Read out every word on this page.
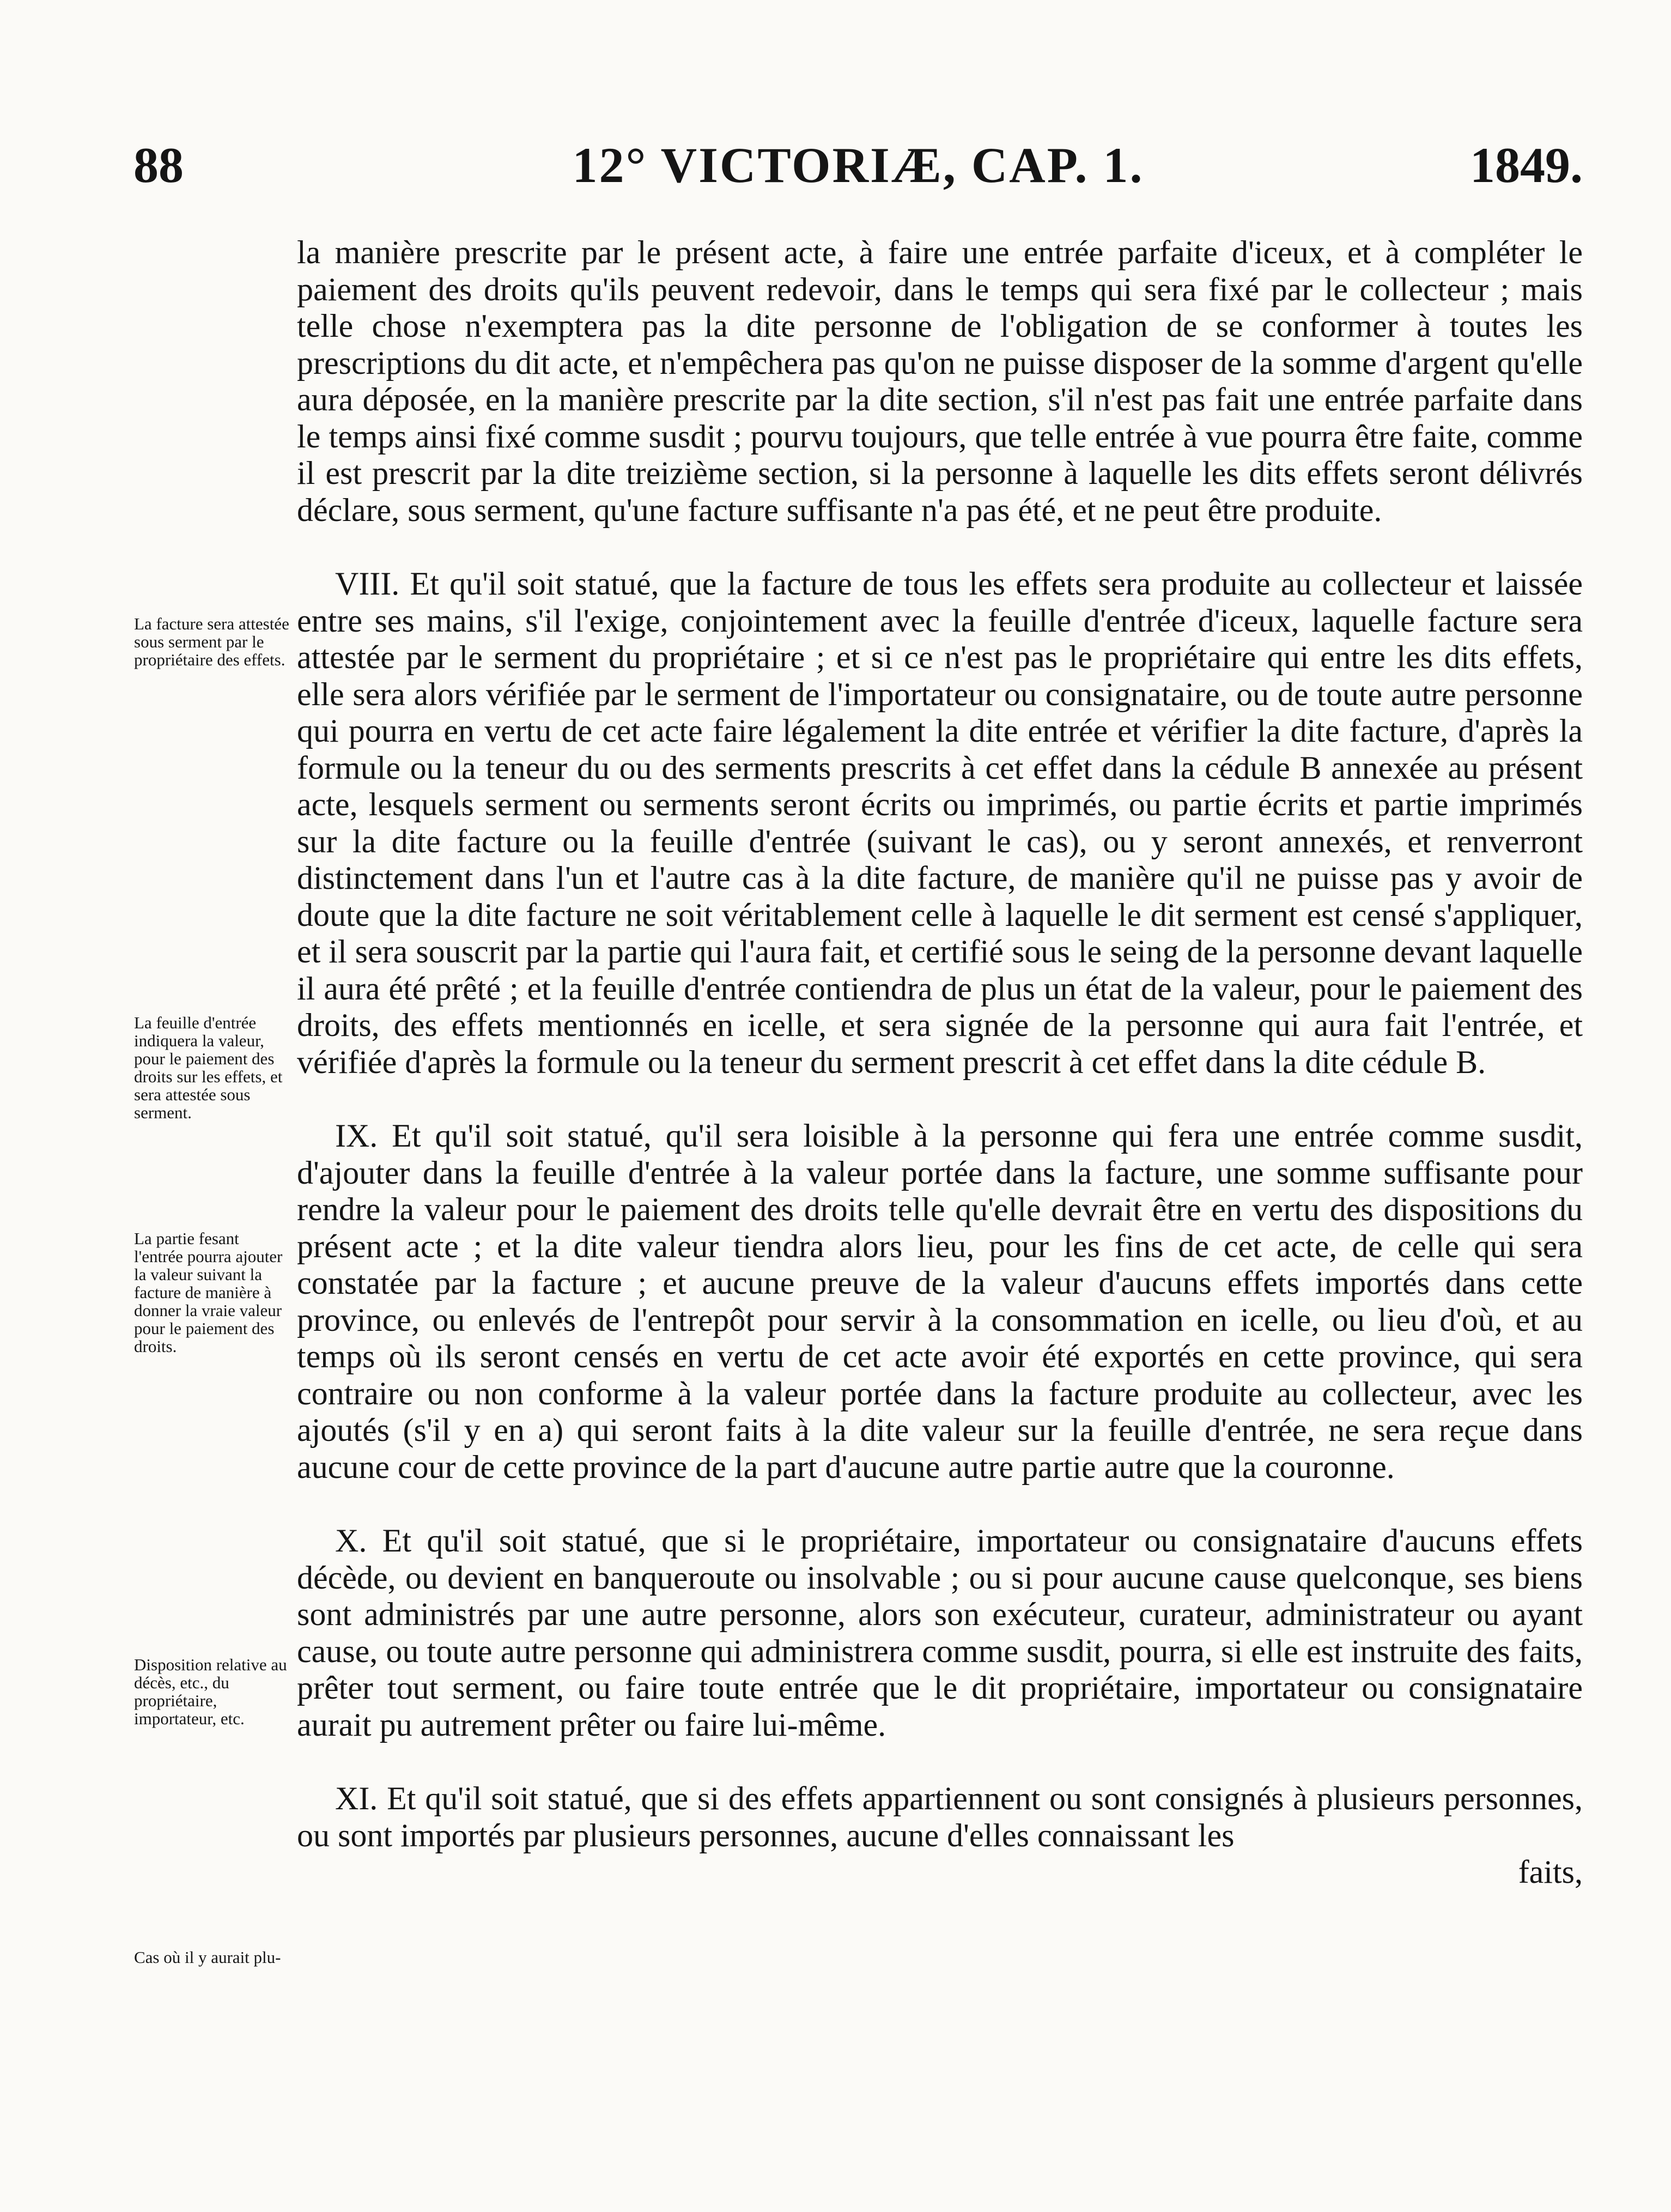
88	12° VICTORIÆ, CAP. 1.	1849.
La facture sera attestée sous serment par le propriétaire des effets.
La feuille d'entrée indiquera la valeur, pour le paiement des droits sur les effets, et sera attestée sous serment.
La partie fesant l'entrée pourra ajouter la valeur suivant la facture de manière à donner la vraie valeur pour le paiement des droits.
Disposition relative au décès, etc., du propriétaire, importateur, etc.
Cas où il y aurait plu-

la manière prescrite par le présent acte, à faire une entrée parfaite d'iceux, et à compléter le paiement des droits qu'ils peuvent redevoir, dans le temps qui sera fixé par le collecteur ; mais telle chose n'exemptera pas la dite personne de l'obligation de se conformer à toutes les prescriptions du dit acte, et n'empêchera pas qu'on ne puisse disposer de la somme d'argent qu'elle aura déposée, en la manière prescrite par la dite section, s'il n'est pas fait une entrée parfaite dans le temps ainsi fixé comme susdit ; pourvu toujours, que telle entrée à vue pourra être faite, comme il est prescrit par la dite treizième section, si la personne à laquelle les dits effets seront délivrés déclare, sous serment, qu'une facture suffisante n'a pas été, et ne peut être produite.

VIII. Et qu'il soit statué, que la facture de tous les effets sera produite au collecteur et laissée entre ses mains, s'il l'exige, conjointement avec la feuille d'entrée d'iceux, laquelle facture sera attestée par le serment du propriétaire ; et si ce n'est pas le propriétaire qui entre les dits effets, elle sera alors vérifiée par le serment de l'importateur ou consignataire, ou de toute autre personne qui pourra en vertu de cet acte faire légalement la dite entrée et vérifier la dite facture, d'après la formule ou la teneur du ou des serments prescrits à cet effet dans la cédule B annexée au présent acte, lesquels serment ou serments seront écrits ou imprimés, ou partie écrits et partie imprimés sur la dite facture ou la feuille d'entrée (suivant le cas), ou y seront annexés, et renverront distinctement dans l'un et l'autre cas à la dite facture, de manière qu'il ne puisse pas y avoir de doute que la dite facture ne soit véritablement celle à laquelle le dit serment est censé s'appliquer, et il sera souscrit par la partie qui l'aura fait, et certifié sous le seing de la personne devant laquelle il aura été prêté ; et la feuille d'entrée contiendra de plus un état de la valeur, pour le paiement des droits, des effets mentionnés en icelle, et sera signée de la personne qui aura fait l'entrée, et vérifiée d'après la formule ou la teneur du serment prescrit à cet effet dans la dite cédule B.

IX. Et qu'il soit statué, qu'il sera loisible à la personne qui fera une entrée comme susdit, d'ajouter dans la feuille d'entrée à la valeur portée dans la facture, une somme suffisante pour rendre la valeur pour le paiement des droits telle qu'elle devrait être en vertu des dispositions du présent acte ; et la dite valeur tiendra alors lieu, pour les fins de cet acte, de celle qui sera constatée par la facture ; et aucune preuve de la valeur d'aucuns effets importés dans cette province, ou enlevés de l'entrepôt pour servir à la consommation en icelle, ou lieu d'où, et au temps où ils seront censés en vertu de cet acte avoir été exportés en cette province, qui sera contraire ou non conforme à la valeur portée dans la facture produite au collecteur, avec les ajoutés (s'il y en a) qui seront faits à la dite valeur sur la feuille d'entrée, ne sera reçue dans aucune cour de cette province de la part d'aucune autre partie autre que la couronne.

X. Et qu'il soit statué, que si le propriétaire, importateur ou consignataire d'aucuns effets décède, ou devient en banqueroute ou insolvable ; ou si pour aucune cause quelconque, ses biens sont administrés par une autre personne, alors son exécuteur, curateur, administrateur ou ayant cause, ou toute autre personne qui administrera comme susdit, pourra, si elle est instruite des faits, prêter tout serment, ou faire toute entrée que le dit propriétaire, importateur ou consignataire aurait pu autrement prêter ou faire lui-même.

XI. Et qu'il soit statué, que si des effets appartiennent ou sont consignés à plusieurs personnes, ou sont importés par plusieurs personnes, aucune d'elles connaissant les

faits,
